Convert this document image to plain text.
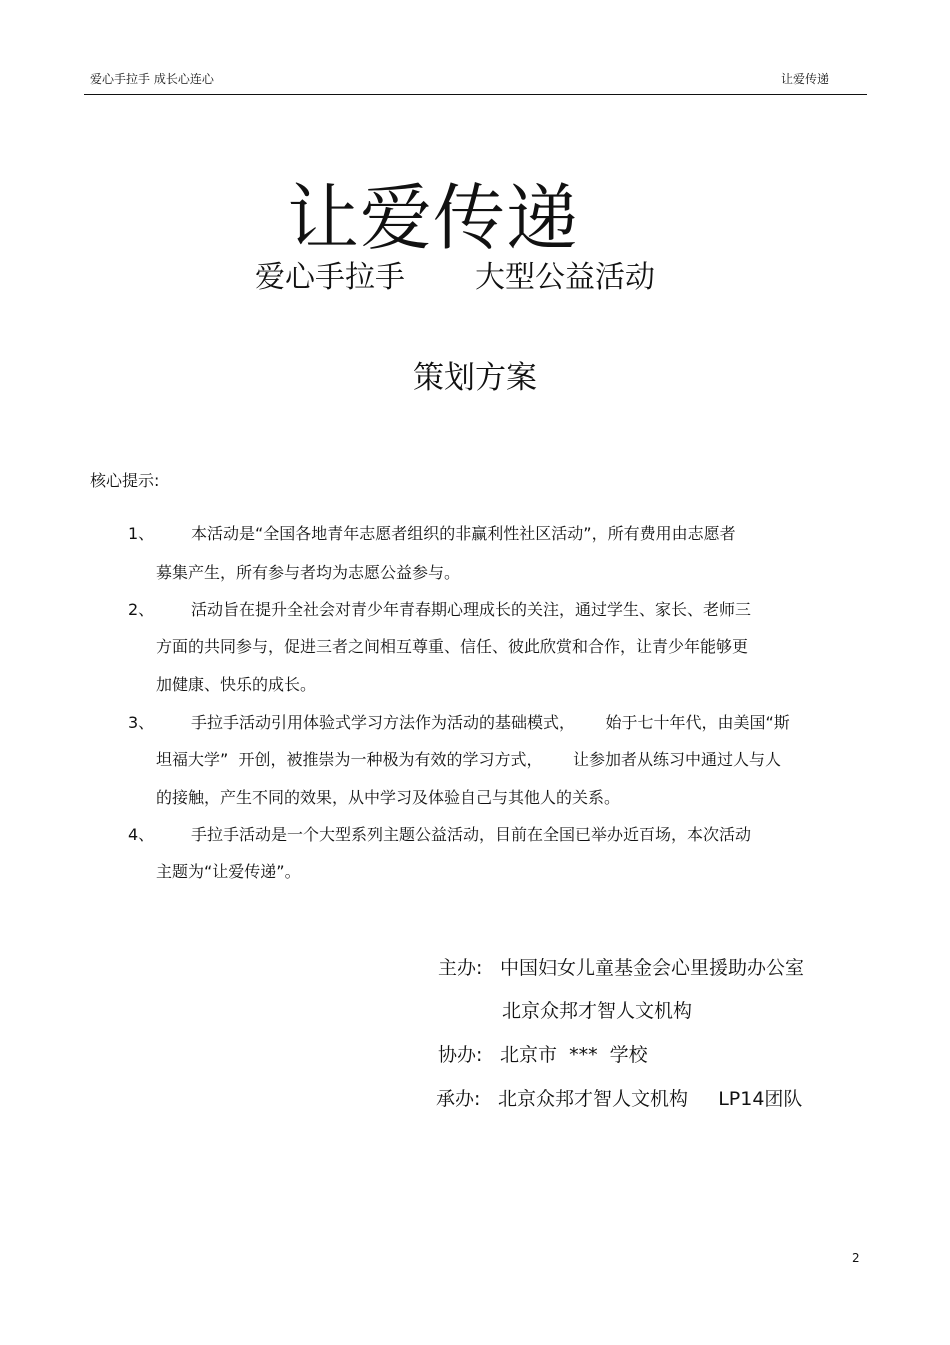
爱心手拉手 成长心连心	让爱传递
让爱传递
爱心手拉手 大型公益活动
策划方案
核心提示:
1、 本活动是“全国各地青年志愿者组织的非赢利性社区活动”，所有费用由志愿者
募集产生，所有参与者均为志愿公益参与。
2、 活动旨在提升全社会对青少年青春期心理成长的关注，通过学生、家长、老师三
方面的共同参与，促进三者之间相互尊重、信任、彼此欣赏和合作，让青少年能够更
加健康、快乐的成长。
3、 手拉手活动引用体验式学习方法作为活动的基础模式，      始于七十年代，由美国“斯
坦福大学”  开创，被推崇为一种极为有效的学习方式，      让参加者从练习中通过人与人
的接触，产生不同的效果，从中学习及体验自己与其他人的关系。
4、 手拉手活动是一个大型系列主题公益活动，目前在全国已举办近百场，本次活动
主题为“让爱传递”。
主办: 中国妇女儿童基金会心里援助办公室
北京众邦才智人文机构
协办: 北京市  ***  学校
承办: 北京众邦才智人文机构     LP14团队
2
